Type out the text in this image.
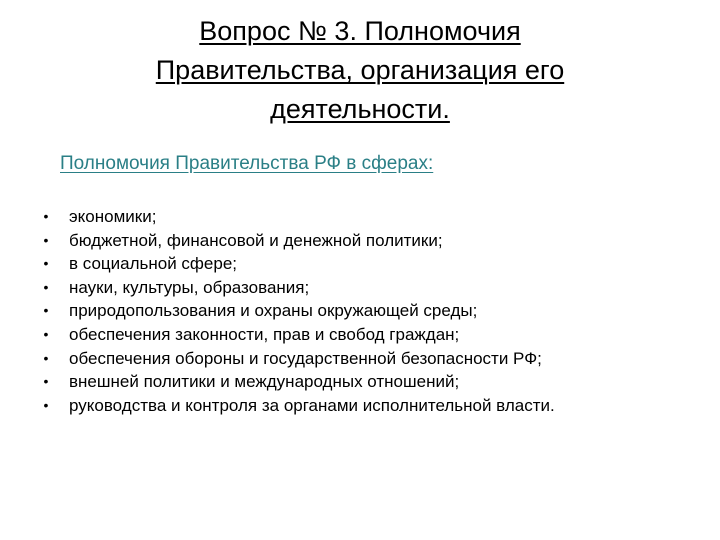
Вопрос № 3. Полномочия
Правительства, организация его
деятельности.
Полномочия Правительства РФ в сферах:
• экономики;
• бюджетной, финансовой и денежной политики;
• в социальной сфере;
• науки, культуры, образования;
• природопользования и охраны окружающей среды;
• обеспечения законности, прав и свобод граждан;
• обеспечения обороны и государственной безопасности РФ;
• внешней политики и международных отношений;
• руководства и контроля за органами исполнительной власти.
